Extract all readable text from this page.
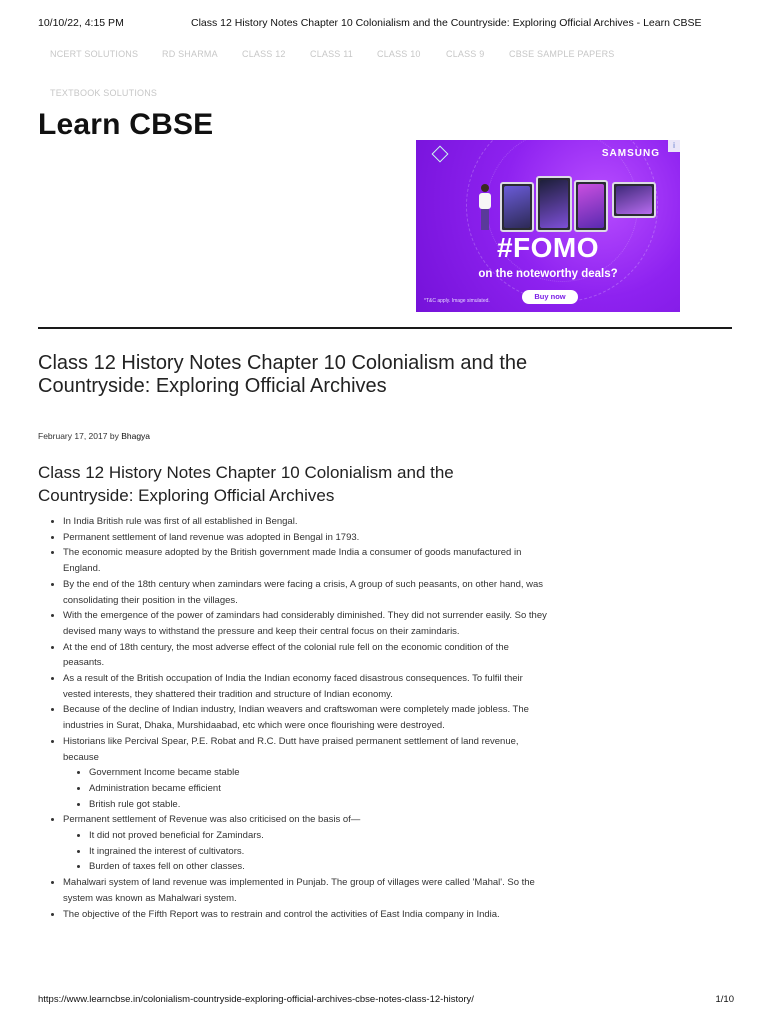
10/10/22, 4:15 PM	Class 12 History Notes Chapter 10 Colonialism and the Countryside: Exploring Official Archives - Learn CBSE
NCERT SOLUTIONS	RD SHARMA	CLASS 12	CLASS 11	CLASS 10	CLASS 9	CBSE SAMPLE PAPERS
TEXTBOOK SOLUTIONS
Learn CBSE
i
SAMSUNG
#FOMO
on the noteworthy deals?
*T&C apply. Image simulated.	Buy now
Class 12 History Notes Chapter 10 Colonialism and the Countryside: Exploring Official Archives
February 17, 2017 by Bhagya
Class 12 History Notes Chapter 10 Colonialism and the Countryside: Exploring Official Archives
• In India British rule was first of all established in Bengal.
• Permanent settlement of land revenue was adopted in Bengal in 1793.
• The economic measure adopted by the British government made India a consumer of goods manufactured in England.
• By the end of the 18th century when zamindars were facing a crisis, A group of such peasants, on other hand, was consolidating their position in the villages.
• With the emergence of the power of zamindars had considerably diminished. They did not surrender easily. So they devised many ways to withstand the pressure and keep their central focus on their zamindaris.
• At the end of 18th century, the most adverse effect of the colonial rule fell on the economic condition of the peasants.
• As a result of the British occupation of India the Indian economy faced disastrous consequences. To fulfil their vested interests, they shattered their tradition and structure of Indian economy.
• Because of the decline of Indian industry, Indian weavers and craftswoman were completely made jobless. The industries in Surat, Dhaka, Murshidaabad, etc which were once flourishing were destroyed.
• Historians like Percival Spear, P.E. Robat and R.C. Dutt have praised permanent settlement of land revenue, because
• Government Income became stable
• Administration became efficient
• British rule got stable.
• Permanent settlement of Revenue was also criticised on the basis of—
• It did not proved beneficial for Zamindars.
• It ingrained the interest of cultivators.
• Burden of taxes fell on other classes.
• Mahalwari system of land revenue was implemented in Punjab. The group of villages were called 'Mahal'. So the system was known as Mahalwari system.
• The objective of the Fifth Report was to restrain and control the activities of East India company in India.
https://www.learncbse.in/colonialism-countryside-exploring-official-archives-cbse-notes-class-12-history/	1/10
